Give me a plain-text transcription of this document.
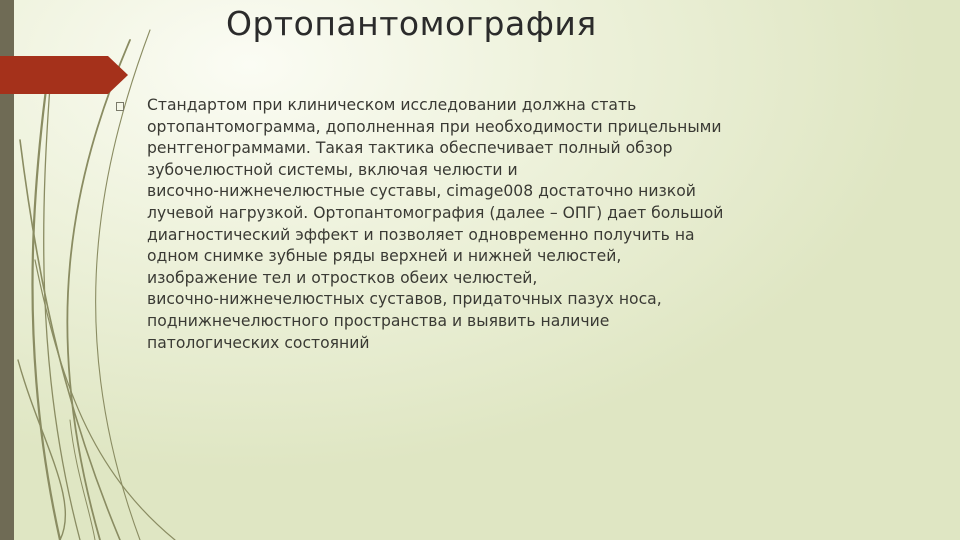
Ортопантомография
Стандартом при клиническом исследовании должна стать
ортопантомограмма, дополненная при необходимости прицельными
рентгенограммами. Такая тактика обеспечивает полный обзор
зубочелюстной системы, включая челюсти и
височно-нижнечелюстные суставы, cimage008 достаточно низкой
лучевой нагрузкой. Ортопантомография (далее – ОПГ) дает большой
диагностический эффект и позволяет одновременно получить на
одном снимке зубные ряды верхней и нижней челюстей,
изображение тел и отростков обеих челюстей,
височно-нижнечелюстных суставов, придаточных пазух носа,
поднижнечелюстного пространства и выявить наличие
патологических состояний
